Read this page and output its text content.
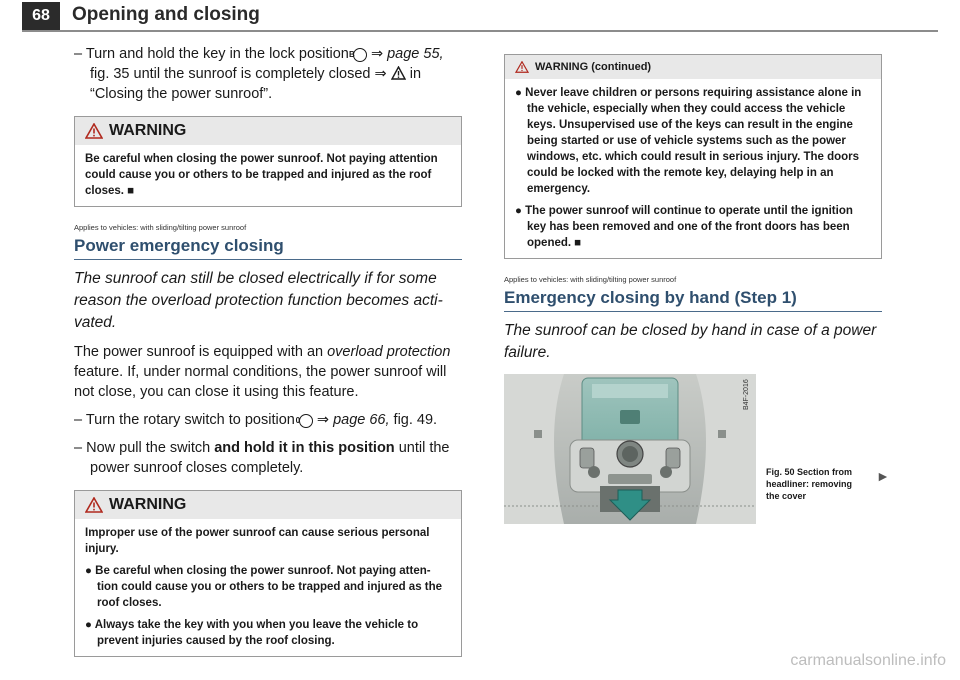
68	Opening and closing

– Turn and hold the key in the lock position B ⇒ page 55, fig. 35 until the sunroof is completely closed ⇒ in “Closing the power sunroof”.

WARNING

Be careful when closing the power sunroof. Not paying attention could cause you or others to be trapped and injured as the roof closes. ■

Applies to vehicles: with sliding/tilting power sunroof
Power emergency closing

The sunroof can still be closed electrically if for some reason the overload protection function becomes acti-vated.

The power sunroof is equipped with an overload protection feature. If, under normal conditions, the power sunroof will not close, you can close it using this feature.

– Turn the rotary switch to position 0 ⇒ page 66, fig. 49.

– Now pull the switch and hold it in this position until the power sunroof closes completely.

WARNING

Improper use of the power sunroof can cause serious personal injury.

● Be careful when closing the power sunroof. Not paying atten-tion could cause you or others to be trapped and injured as the roof closes.

● Always take the key with you when you leave the vehicle to prevent injuries caused by the roof closing.

WARNING (continued)

● Never leave children or persons requiring assistance alone in the vehicle, especially when they could access the vehicle keys. Unsupervised use of the keys can result in the engine being started or use of vehicle systems such as the power windows, etc. which could result in serious injury. The doors could be locked with the remote key, delaying help in an emergency.

● The power sunroof will continue to operate until the ignition key has been removed and one of the front doors has been opened. ■

Applies to vehicles: with sliding/tilting power sunroof
Emergency closing by hand (Step 1)

The sunroof can be closed by hand in case of a power failure.

B4F-2016
Fig. 50 Section from headliner: removing the cover
►
carmanualsonline.info
